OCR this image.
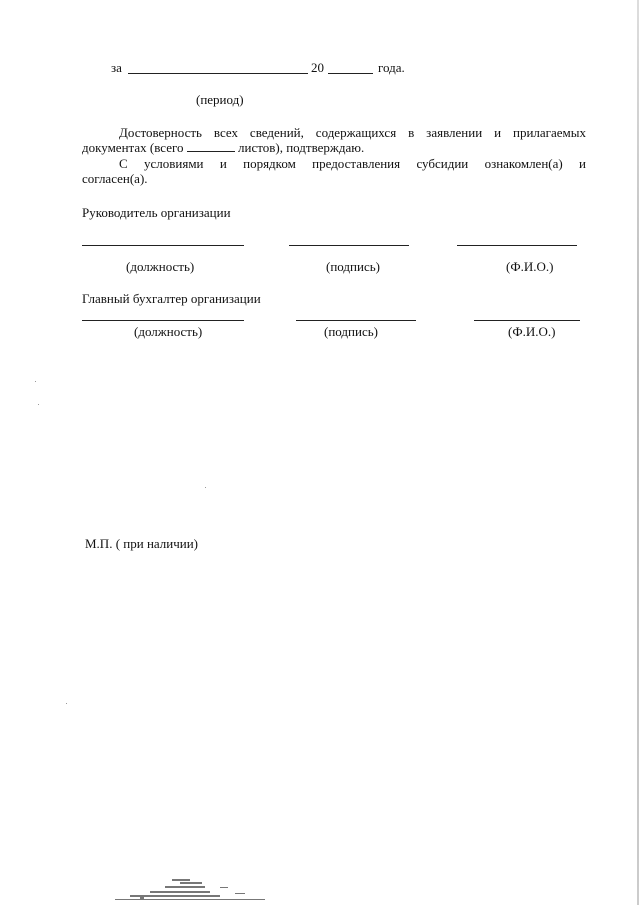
за	20	года.
(период)
Достоверность всех сведений, содержащихся в заявлении и прилагаемых
документах (всего	листов), подтверждаю.
С условиями и порядком предоставления субсидии ознакомлен(а) и
согласен(а).
Руководитель организации
(должность)	(подпись)	(Ф.И.О.)
Главный бухгалтер организации
(должность)	(подпись)	(Ф.И.О.)
М.П. ( при наличии)
